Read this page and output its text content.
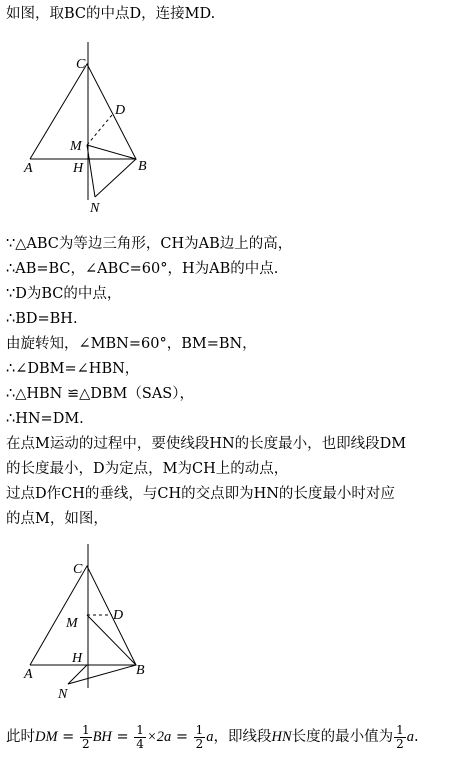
如图，取BC的中点D，连接MD.
C
D
M
A	H	B
N
∵△ABC为等边三角形，CH为AB边上的高，
∴AB=BC，∠ABC=60°，H为AB的中点.
∵D为BC的中点，
∴BD=BH.
由旋转知，∠MBN=60°，BM=BN，
∴∠DBM=∠HBN，
∴△HBN ≌△DBM（SAS），
∴HN=DM.
在点M运动的过程中，要使线段HN的长度最小，也即线段DM
的长度最小，D为定点，M为CH上的动点，
过点D作CH的垂线，与CH的交点即为HN的长度最小时对应
的点M，如图，
C
D
M
A
H
B
N
此时DM = $\frac{1}{2}$ BH = $\frac{1}{4} \times 2a = \frac{1}{2}$ a，即线段HN长度的最小值为 $\frac{1}{2} a$.
